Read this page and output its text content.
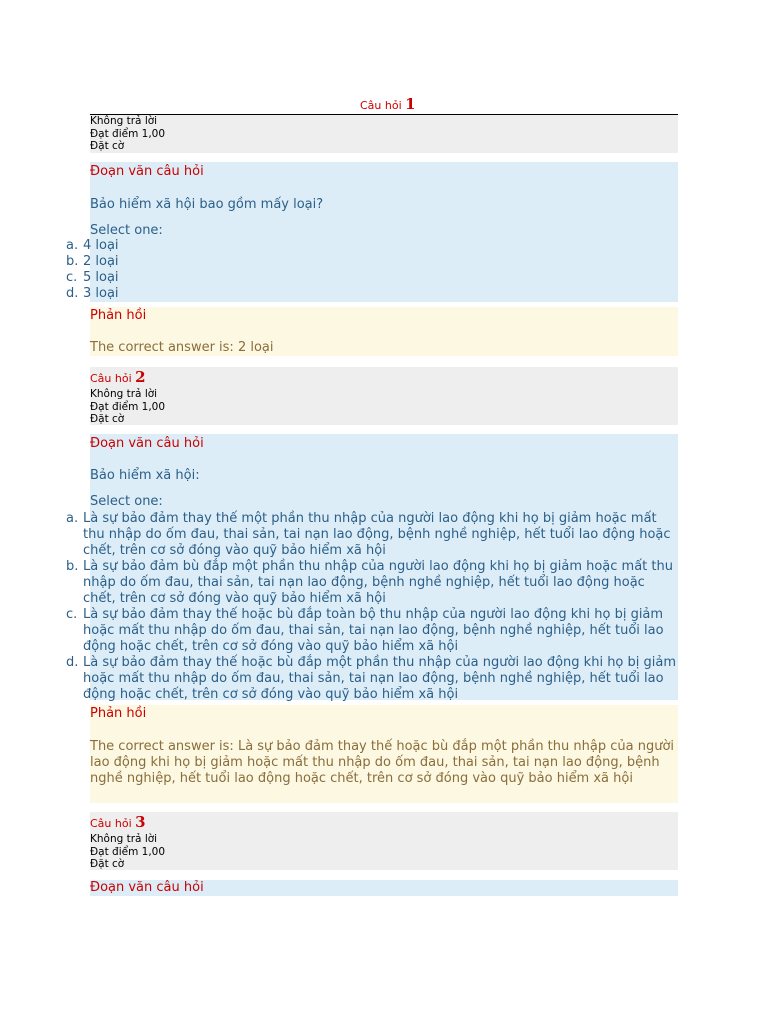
Câu hỏi 1
Không trả lời
Đạt điểm 1,00
Đặt cờ
Đoạn văn câu hỏi
Bảo hiểm xã hội bao gồm mấy loại?
Select one:
a. 4 loại
b. 2 loại
c. 5 loại
d. 3 loại
Phản hồi
The correct answer is: 2 loại
Câu hỏi 2
Không trả lời
Đạt điểm 1,00
Đặt cờ
Đoạn văn câu hỏi
Bảo hiểm xã hội:
Select one:
a. Là sự bảo đảm thay thế một phần thu nhập của người lao động khi họ bị giảm hoặc mất thu nhập do ốm đau, thai sản, tai nạn lao động, bệnh nghề nghiệp, hết tuổi lao động hoặc chết, trên cơ sở đóng vào quỹ bảo hiểm xã hội
b. Là sự bảo đảm bù đắp một phần thu nhập của người lao động khi họ bị giảm hoặc mất thu nhập do ốm đau, thai sản, tai nạn lao động, bệnh nghề nghiệp, hết tuổi lao động hoặc chết, trên cơ sở đóng vào quỹ bảo hiểm xã hội
c. Là sự bảo đảm thay thế hoặc bù đắp toàn bộ thu nhập của người lao động khi họ bị giảm hoặc mất thu nhập do ốm đau, thai sản, tai nạn lao động, bệnh nghề nghiệp, hết tuổi lao động hoặc chết, trên cơ sở đóng vào quỹ bảo hiểm xã hội
d. Là sự bảo đảm thay thế hoặc bù đắp một phần thu nhập của người lao động khi họ bị giảm hoặc mất thu nhập do ốm đau, thai sản, tai nạn lao động, bệnh nghề nghiệp, hết tuổi lao động hoặc chết, trên cơ sở đóng vào quỹ bảo hiểm xã hội
Phản hồi
The correct answer is: Là sự bảo đảm thay thế hoặc bù đắp một phần thu nhập của người lao động khi họ bị giảm hoặc mất thu nhập do ốm đau, thai sản, tai nạn lao động, bệnh nghề nghiệp, hết tuổi lao động hoặc chết, trên cơ sở đóng vào quỹ bảo hiểm xã hội
Câu hỏi 3
Không trả lời
Đạt điểm 1,00
Đặt cờ
Đoạn văn câu hỏi
